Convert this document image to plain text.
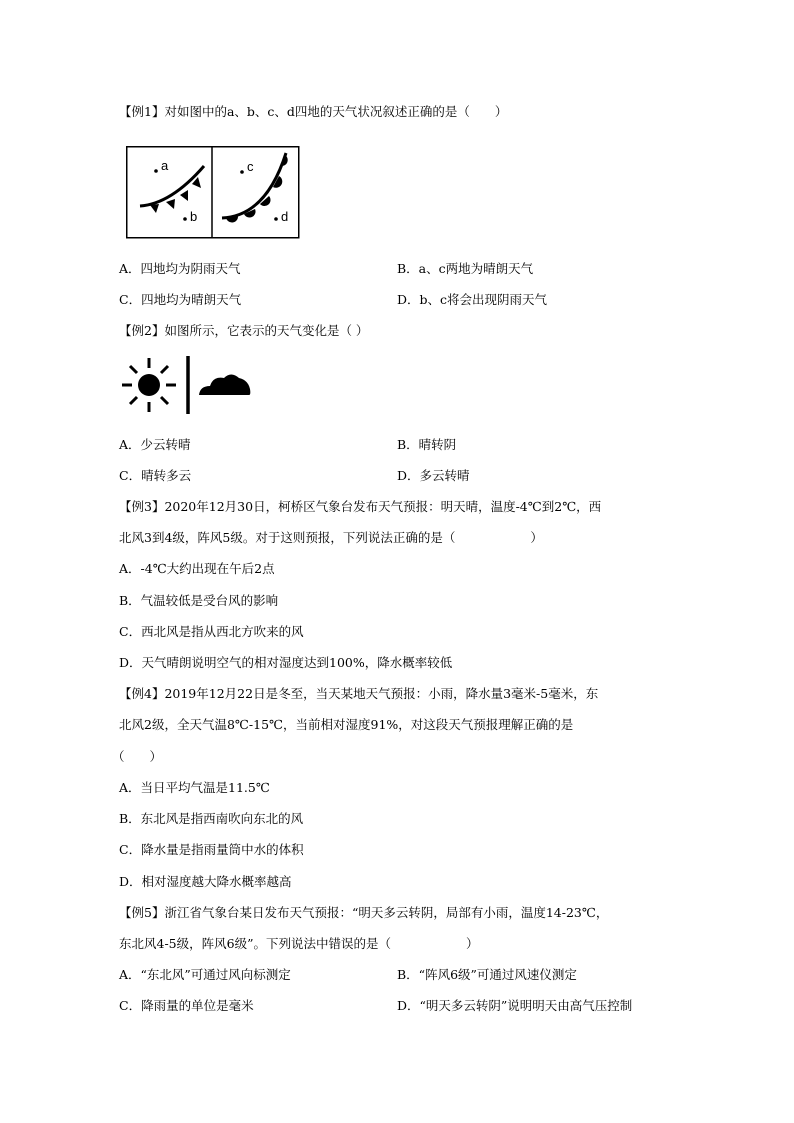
【例1】对如图中的a、b、c、d四地的天气状况叙述正确的是（　　）
a
b
c
d
A．四地均为阴雨天气	B．a、c两地为晴朗天气
C．四地均为晴朗天气	D．b、c将会出现阴雨天气
【例2】如图所示，它表示的天气变化是（ ）
A．少云转晴	B．晴转阴
C．晴转多云	D．多云转晴
【例3】2020年12月30日，柯桥区气象台发布天气预报：明天晴，温度-4℃到2℃，西
北风3到4级，阵风5级。对于这则预报，下列说法正确的是（　　　　　　）
A．-4℃大约出现在午后2点
B．气温较低是受台风的影响
C．西北风是指从西北方吹来的风
D．天气晴朗说明空气的相对湿度达到100%，降水概率较低
【例4】2019年12月22日是冬至，当天某地天气预报：小雨，降水量3毫米-5毫米，东
北风2级，全天气温8℃-15℃，当前相对湿度91%，对这段天气预报理解正确的是
（　　）
A．当日平均气温是11.5℃
B．东北风是指西南吹向东北的风
C．降水量是指雨量筒中水的体积
D．相对湿度越大降水概率越高
【例5】浙江省气象台某日发布天气预报：“明天多云转阴，局部有小雨，温度14-23℃，
东北风4-5级，阵风6级”。下列说法中错误的是（　　　　　　）
A．“东北风”可通过风向标测定	B．“阵风6级”可通过风速仪测定
C．降雨量的单位是毫米	D．“明天多云转阴”说明明天由高气压控制
